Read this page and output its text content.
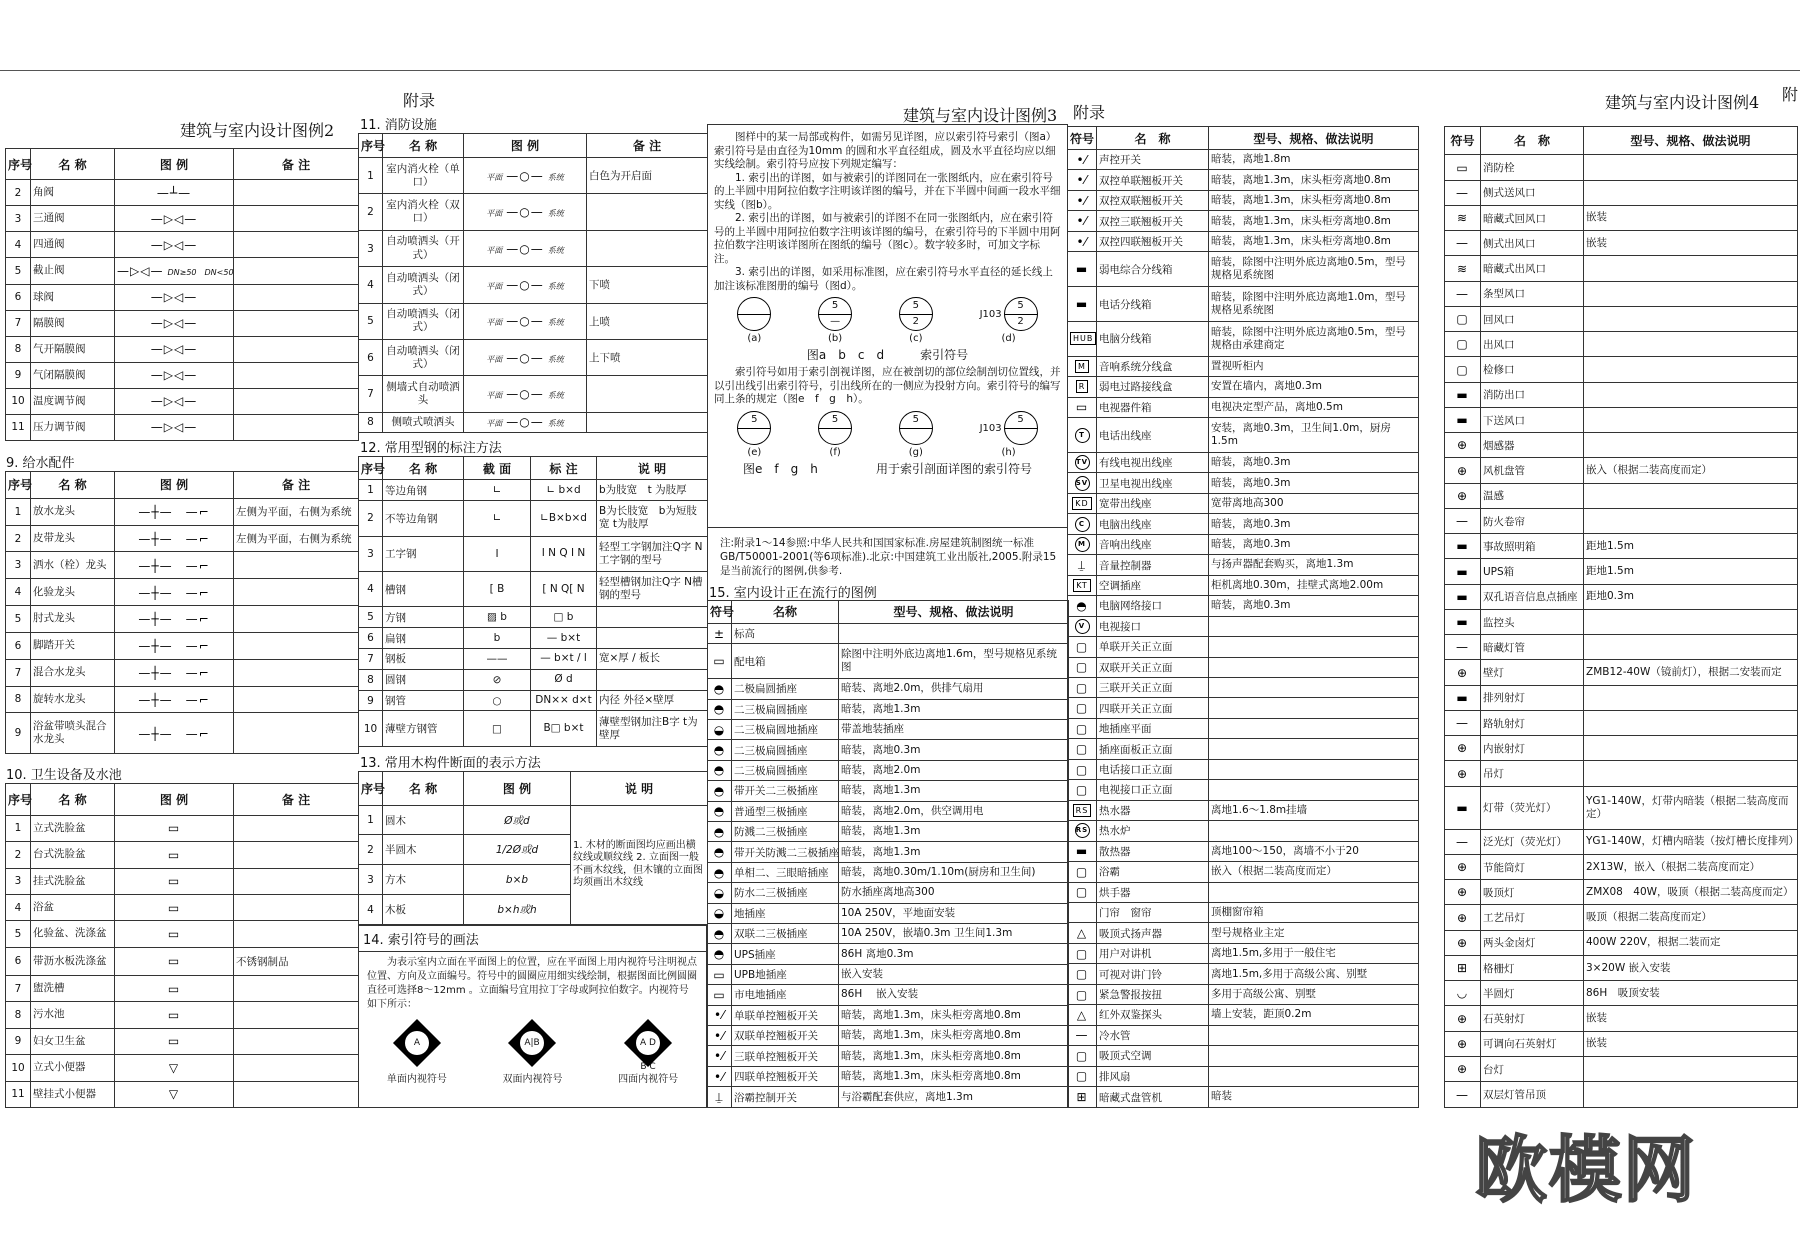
建筑与室内设计图例2
序号	名 称	图 例	备 注
2	角阀	—┴—	
3	三通阀	—▷◁—	
4	四通阀	—▷◁—	
5	截止阀	—▷◁— DN≥50 DN<50	
6	球阀	—▷◁—	
7	隔膜阀	—▷◁—	
8	气开隔膜阀	—▷◁—	
9	气闭隔膜阀	—▷◁—	
10	温度调节阀	—▷◁—	
11	压力调节阀	—▷◁—	
9. 给水配件
序号	名 称	图 例	备 注
1	放水龙头	—┼—　—⌐	左侧为平面，右侧为系统
2	皮带龙头	—┼—　—⌐	左侧为平面，右侧为系统
3	洒水（栓）龙头	—┼—　—⌐	
4	化验龙头	—┼—　—⌐	
5	肘式龙头	—┼—　—⌐	
6	脚踏开关	—┼—　—⌐	
7	混合水龙头	—┼—　—⌐	
8	旋转水龙头	—┼—　—⌐	
9	浴盆带喷头混合水龙头	—┼—　—⌐	
10. 卫生设备及水池
序号	名 称	图 例	备 注
1	立式洗脸盆	▭	
2	台式洗脸盆	▭	
3	挂式洗脸盆	▭	
4	浴盆	▭	
5	化验盆、洗涤盆	▭	
6	带沥水板洗涤盆	▭	不锈钢制品
7	盥洗槽	▭	
8	污水池	▭	
9	妇女卫生盆	▭	
10	立式小便器	▽	
11	壁挂式小便器	▽	
附录
11. 消防设施
序号	名 称	图 例	备 注
1	室内消火栓（单口）	平面 —○— 系统	白色为开启面
2	室内消火栓（双口）	平面 —○— 系统	
3	自动喷洒头（开式）	平面 —○— 系统	
4	自动喷洒头（闭式）	平面 —○— 系统	下喷
5	自动喷洒头（闭式）	平面 —○— 系统	上喷
6	自动喷洒头（闭式）	平面 —○— 系统	上下喷
7	侧墙式自动喷洒头	平面 —○— 系统	
8	侧喷式喷洒头	平面 —○— 系统	
12. 常用型钢的标注方法
序号	名 称	截 面	标 注	说 明
1	等边角钢	∟	∟ b×d	b为肢宽　t 为肢厚
2	不等边角钢	∟	∟B×b×d	B为长肢宽　b为短肢宽 t为肢厚
3	工字钢	I	I N Q I N	轻型工字钢加注Q字 N工字钢的型号
4	槽钢	[ B	[ N Q[ N	轻型槽钢加注Q字 N槽钢的型号
5	方钢	▨ b	□ b	
6	扁钢	b	— b×t	
7	钢板	——	— b×t / l	宽×厚 / 板长
8	圆钢	⊘	Ø d	
9	钢管	○	DN×× d×t	内径 外径×壁厚
10	薄壁方钢管	□	B□ b×t	薄壁型钢加注B字 t为壁厚
13. 常用木构件断面的表示方法
序号	名 称	图 例	说 明
1	圆木	Ø或d	1. 木材的断面图均应画出横纹线或顺纹线 2. 立面图一般不画木纹线，但木镶的立面图均须画出木纹线
2	半圆木	1/2Ø或d	
3	方木	b×b	
4	木板	b×h或h	
14. 索引符号的画法

为表示室内立面在平面图上的位置，应在平面图上用内视符号注明视点位置、方向及立面编号。符号中的圆圈应用细实线绘制，根据图面比例圆圈直径可选择8～12mm 。立面编号宜用拉丁字母或阿拉伯数字。内视符号如下所示：

A
单面内视符号
A|B
双面内视符号
A D B C
四面内视符号
建筑与室内设计图例3

图样中的某一局部或构件，如需另见详图，应以索引符号索引（图a）索引符号是由直径为10mm 的圆和水平直径组成，圆及水平直径均应以细实线绘制。索引符号应按下列规定编写：

1. 索引出的详图，如与被索引的详图同在一张图纸内，应在索引符号的上半圆中用阿拉伯数字注明该详图的编号，并在下半圆中间画一段水平细实线（图b）。

2. 索引出的详图，如与被索引的详图不在同一张图纸内，应在索引符号的上半圆中用阿拉伯数字注明该详图的编号，在索引符号的下半圆中用阿拉伯数字注明该详图所在图纸的编号（图c）。数字较多时，可加文字标注。

3. 索引出的详图，如采用标准图，应在索引符号水平直径的延长线上加注该标准图册的编号（图d）。

(a)
5
—
(b)
5
2
(c)
J103
5
2
(d)
图a　b　c　d　　　索引符号

索引符号如用于索引剖视详图，应在被剖切的部位绘制剖切位置线，并以引出线引出索引符号，引出线所在的一侧应为投射方向。索引符号的编写同上条的规定（图e　f　g　h）。

5
(e)
5
(f)
5
(g)
J103
5
(h)
图e　f　g　h	用于索引剖面详图的索引符号
注:附录1～14参照:中华人民共和国国家标准.房屋建筑制图统一标准 GB/T50001-2001(等6项标准).北京:中国建筑工业出版社,2005.附录15是当前流行的图例,供参考.
15. 室内设计正在流行的图例
符号	名称	型号、规格、做法说明
±	标高	
▭	配电箱	除图中注明外底边离地1.6m，型号规格见系统图
◓	二极扁圆插座	暗装、离地2.0m，供排气扇用
◓	二三极扁圆插座	暗装，离地1.3m
◒	二三极扁圆地插座	带盖地装插座
◓	二三极扁圆插座	暗装，离地0.3m
◓	二三极扁圆插座	暗装，离地2.0m
◓	带开关二三极插座	暗装，离地1.3m
◓	普通型三极插座	暗装，离地2.0m，供空调用电
◓	防溅二三极插座	暗装，离地1.3m
◓	带开关防溅二三极插座	暗装，离地1.3m
◓	单相二、三眼暗插座	暗装，离地0.30m/1.10m(厨房和卫生间)
◒	防水二三极插座	防水插座离地高300
◒	地插座	10A 250V，平地面安装
◓	双联二三极插座	10A 250V，嵌墙0.3m 卫生间1.3m
◓	UPS插座	86H 离地0.3m
▭	UPB地插座	嵌入安装
▭	市电地插座	86H　 嵌入安装
•⁄	单联单控翘板开关	暗装，离地1.3m，床头柜旁离地0.8m
•⁄	双联单控翘板开关	暗装，离地1.3m，床头柜旁离地0.8m
•⁄	三联单控翘板开关	暗装，离地1.3m，床头柜旁离地0.8m
•⁄	四联单控翘板开关	暗装，离地1.3m，床头柜旁离地0.8m
⍊	浴霸控制开关	与浴霸配套供应，离地1.3m
附录
符号	名　称	型号、规格、做法说明
•⁄	声控开关	暗装，离地1.8m
•⁄	双控单联翘板开关	暗装，离地1.3m，床头柜旁离地0.8m
•⁄	双控双联翘板开关	暗装，离地1.3m，床头柜旁离地0.8m
•⁄	双控三联翘板开关	暗装，离地1.3m，床头柜旁离地0.8m
•⁄	双控四联翘板开关	暗装，离地1.3m，床头柜旁离地0.8m
▬	弱电综合分线箱	暗装，除图中注明外底边离地0.5m，型号规格见系统图
▬	电话分线箱	暗装，除图中注明外底边离地1.0m，型号规格见系统图
HUB	电脑分线箱	暗装，除图中注明外底边离地0.5m，型号规格由承建商定
M	音响系统分线盒	置视听柜内
R	弱电过路接线盒	安置在墙内，离地0.3m
▭	电视器件箱	电视决定型产品，离地0.5m
T	电话出线座	安装，离地0.3m，卫生间1.0m，厨房1.5m
TV	有线电视出线座	暗装，离地0.3m
SV	卫星电视出线座	暗装，离地0.3m
KD	宽带出线座	宽带离地高300
C	电脑出线座	暗装，离地0.3m
M	音响出线座	暗装，离地0.3m
⍊	音量控制器	与扬声器配套购买，离地1.3m
KT	空调插座	柜机离地0.30m，挂壁式离地2.00m
◓	电脑网络接口	暗装，离地0.3m
V	电视接口	
▢	单联开关正立面	
▢	双联开关正立面	
▢	三联开关正立面	
▢	四联开关正立面	
▢	地插座平面	
▢	插座面板正立面	
▢	电话接口正立面	
▢	电视接口正立面	
RS	热水器	离地1.6～1.8m挂墙
RS	热水炉	
▬	散热器	离地100～150，离墙不小于20
▢	浴霸	嵌入（根据二装高度而定）
▢	烘手器	
	门帘　窗帘	顶棚窗帘箱
△	吸顶式扬声器	型号规格业主定
▢	用户对讲机	离地1.5m,多用于一般住宅
▢	可视对讲门铃	离地1.5m,多用于高级公寓、别墅
▢	紧急警报按扭	多用于高级公寓、别墅
△	红外双鉴探头	墙上安装，距顶0.2m
—	冷水管	
▢	吸顶式空调	
▢	排风扇	
⊞	暗藏式盘管机	暗装
建筑与室内设计图例4 附
符号	名　称	型号、规格、做法说明
▭	消防栓	
—	侧式送风口	
≋	暗藏式回风口	嵌装
—	侧式出风口	嵌装
≋	暗藏式出风口	
—	条型风口	
▢	回风口	
▢	出风口	
▢	检修口	
▬	消防出口	
▬	下送风口	
⊕	烟感器	
⊕	风机盘管	嵌入（根据二装高度而定）
⊕	温感	
—	防火卷帘	
▬	事故照明箱	距地1.5m
▬	UPS箱	距地1.5m
▬	双孔语音信息点插座	距地0.3m
▬	监控头	
—	暗藏灯管	
⊕	壁灯	ZMB12-40W（镜前灯），根据二安装而定
▬	排列射灯	
—	路轨射灯	
⊕	内嵌射灯	
⊕	吊灯	
▬	灯带（荧光灯）	YG1-140W，灯带内暗装（根据二装高度而定）
—	泛光灯（荧光灯）	YG1-140W，灯槽内暗装（按灯槽长度排列）
⊕	节能筒灯	2X13W，嵌入（根据二装高度而定）
⊕	吸顶灯	ZMX08　40W，吸顶（根据二装高度而定）
⊕	工艺吊灯	吸顶（根据二装高度而定）
⊕	两头金卤灯	400W 220V，根据二装而定
⊞	格栅灯	3×20W 嵌入安装
◡	半圆灯	86H　吸顶安装
⊕	石英射灯	嵌装
⊕	可调向石英射灯	嵌装
⊕	台灯	
—	双层灯管吊顶	
欧模网
